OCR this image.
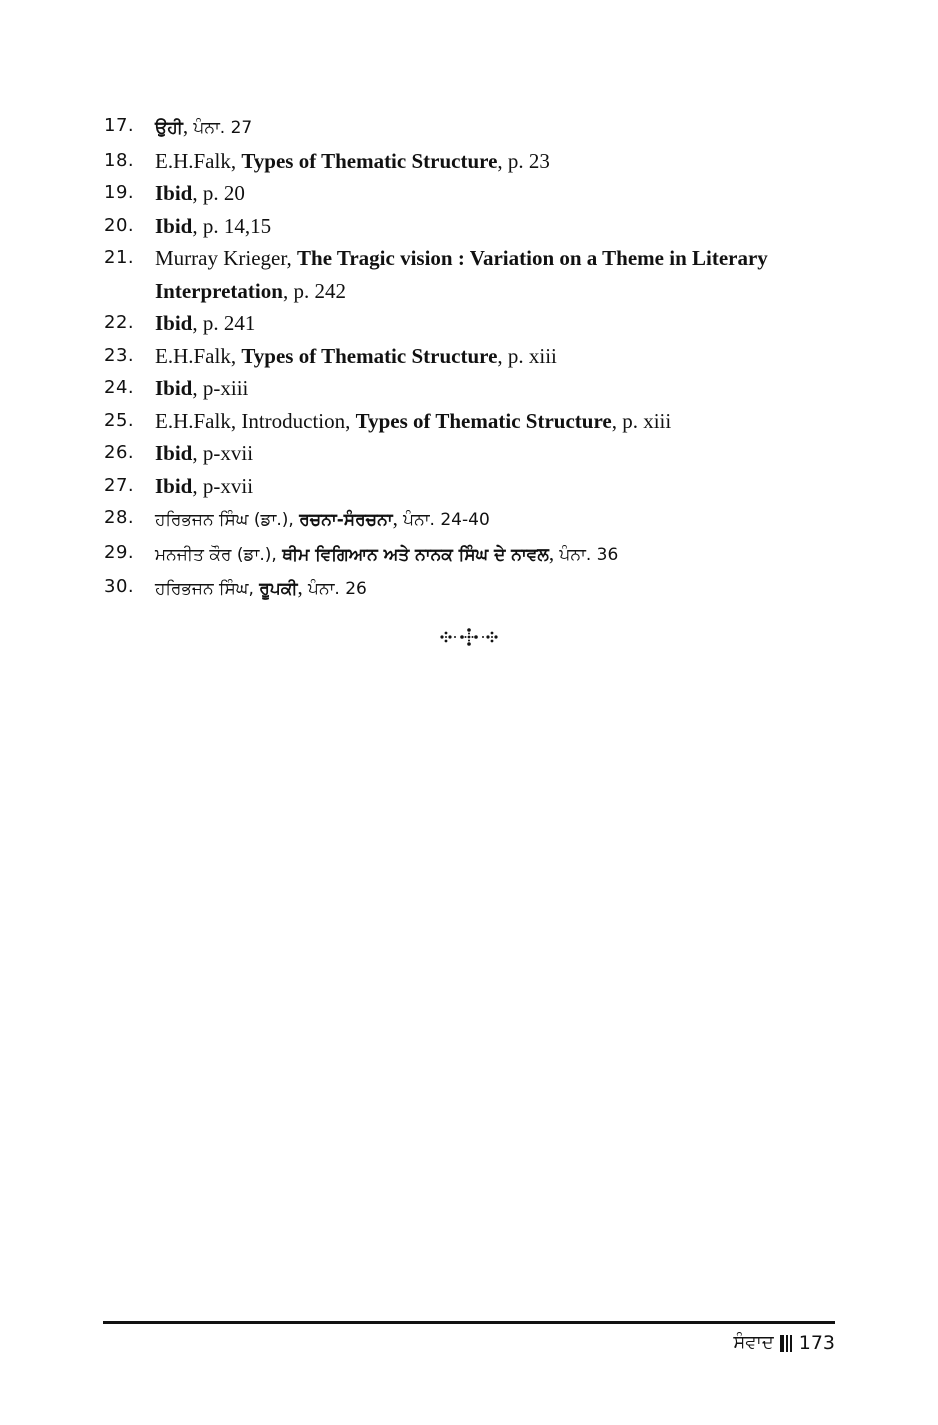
17.	ਉਹੀ, ਪੰਨਾ. 27
18. E.H.Falk, Types of Thematic Structure, p. 23
19. Ibid, p. 20
20. Ibid, p. 14,15
21. Murray Krieger, The Tragic vision : Variation on a Theme in Literary Interpretation, p. 242
22. Ibid, p. 241
23. E.H.Falk, Types of Thematic Structure, p. xiii
24. Ibid, p-xiii
25. E.H.Falk, Introduction, Types of Thematic Structure, p. xiii
26. Ibid, p-xvii
27. Ibid, p-xvii
28.	ਹਰਿਭਜਨ ਸਿੰਘ (ਡਾ.), ਰਚਨਾ-ਸੰਰਚਨਾ, ਪੰਨਾ. 24-40
29.	ਮਨਜੀਤ ਕੌਰ (ਡਾ.), ਥੀਮ ਵਿਗਿਆਨ ਅਤੇ ਨਾਨਕ ਸਿੰਘ ਦੇ ਨਾਵਲ, ਪੰਨਾ. 36
30.	ਹਰਿਭਜਨ ਸਿੰਘ, ਰੂਪਕੀ, ਪੰਨਾ. 26
ਸੰਵਾਦ 173
